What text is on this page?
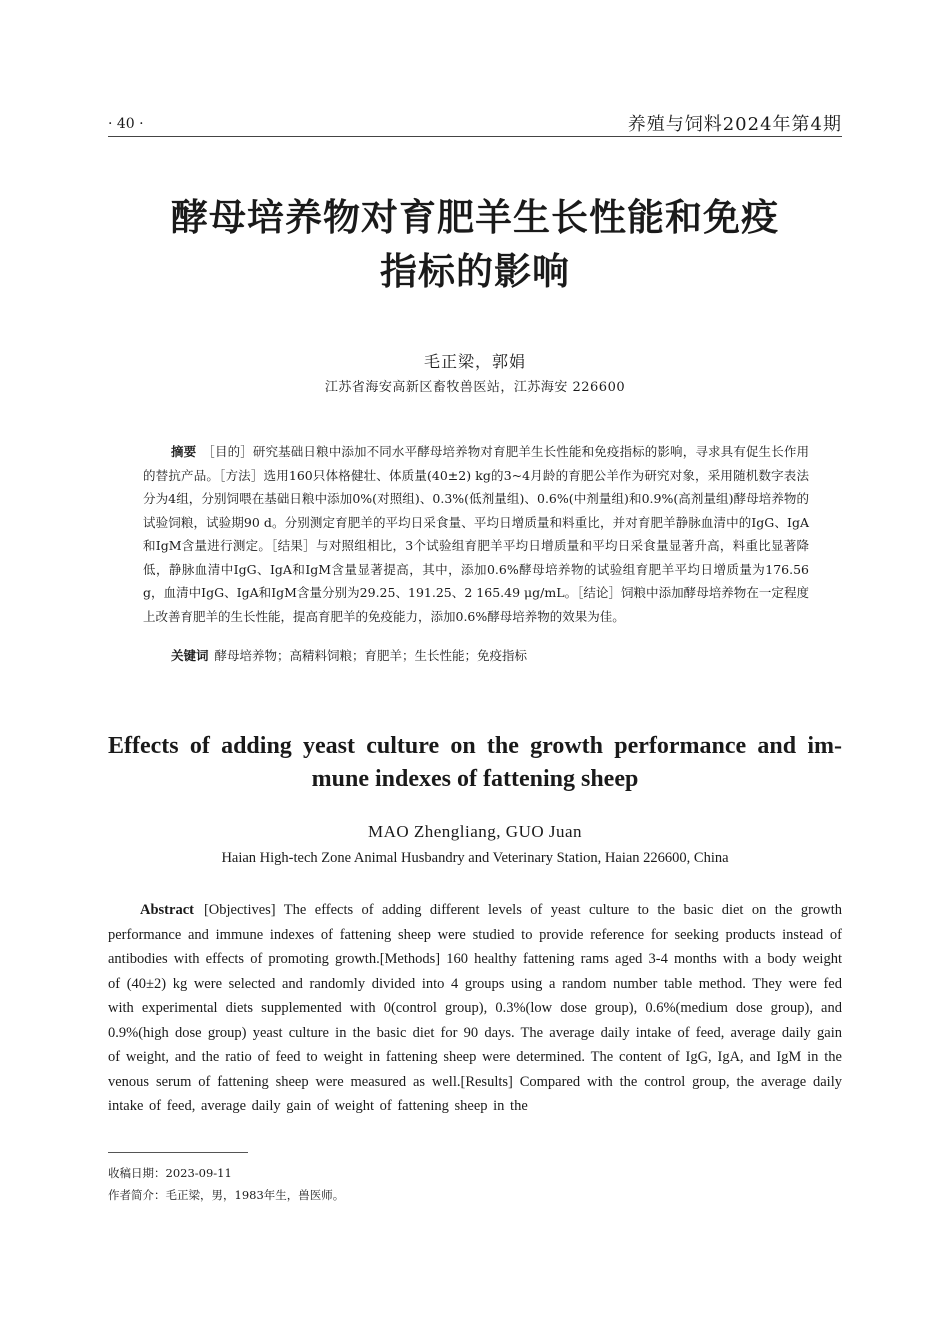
· 40 ·	养殖与饲料2024年第4期
酵母培养物对育肥羊生长性能和免疫
指标的影响
毛正梁，郭娟
江苏省海安高新区畜牧兽医站，江苏海安 226600

摘要 ［目的］研究基础日粮中添加不同水平酵母培养物对育肥羊生长性能和免疫指标的影响，寻求具有促生长作用的替抗产品。［方法］选用160只体格健壮、体质量(40±2) kg的3~4月龄的育肥公羊作为研究对象，采用随机数字表法分为4组，分别饲喂在基础日粮中添加0%(对照组)、0.3%(低剂量组)、0.6%(中剂量组)和0.9%(高剂量组)酵母培养物的试验饲粮，试验期90 d。分别测定育肥羊的平均日采食量、平均日增质量和料重比，并对育肥羊静脉血清中的IgG、IgA和IgM含量进行测定。［结果］与对照组相比，3个试验组育肥羊平均日增质量和平均日采食量显著升高，料重比显著降低，静脉血清中IgG、IgA和IgM含量显著提高，其中，添加0.6%酵母培养物的试验组育肥羊平均日增质量为176.56 g，血清中IgG、IgA和IgM含量分别为29.25、191.25、2 165.49 μg/mL。［结论］饲粮中添加酵母培养物在一定程度上改善育肥羊的生长性能，提高育肥羊的免疫能力，添加0.6%酵母培养物的效果为佳。

关键词 酵母培养物；高精料饲粮；育肥羊；生长性能；免疫指标
Effects of adding yeast culture on the growth performance and im-
mune indexes of fattening sheep
MAO Zhengliang, GUO Juan
Haian High-tech Zone Animal Husbandry and Veterinary Station, Haian 226600, China

Abstract [Objectives] The effects of adding different levels of yeast culture to the basic diet on the growth performance and immune indexes of fattening sheep were studied to provide reference for seeking products instead of antibodies with effects of promoting growth.[Methods] 160 healthy fattening rams aged 3-4 months with a body weight of (40±2) kg were selected and randomly divided into 4 groups using a random number table method. They were fed with experimental diets supplemented with 0(control group), 0.3%(low dose group), 0.6%(medium dose group), and 0.9%(high dose group) yeast culture in the basic diet for 90 days. The average daily intake of feed, average daily gain of weight, and the ratio of feed to weight in fattening sheep were determined. The content of IgG, IgA, and IgM in the venous serum of fattening sheep were measured as well.[Results] Compared with the control group, the average daily intake of feed, average daily gain of weight of fattening sheep in the

收稿日期：2023-09-11
作者简介：毛正梁，男，1983年生，兽医师。
